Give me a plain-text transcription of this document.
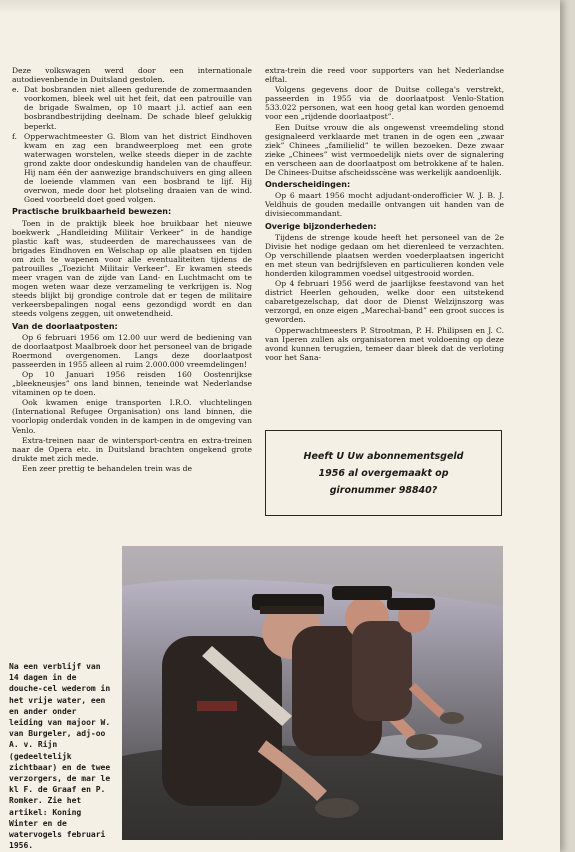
Deze volkswagen werd door een internationale autodievenbende in Duitsland gestolen.

e. Dat bosbranden niet alleen gedurende de zomermaanden voorkomen, bleek wel uit het feit, dat een patrouille van de brigade Swalmen, op 10 maart j.l. actief aan een bosbrandbestrijding deelnam. De schade bleef gelukkig beperkt.
f. Opperwachtmeester G. Blom van het district Eindhoven kwam en zag een brandweerploeg met een grote waterwagen worstelen, welke steeds dieper in de zachte grond zakte door ondeskundig handelen van de chauffeur. Hij nam één der aanwezige brandschuivers en ging alleen de loeiende vlammen van een bosbrand te lijf. Hij overwon, mede door het plotseling draaien van de wind. Goed voorbeeld doet goed volgen.
Practische bruikbaarheid bewezen:

Toen in de praktijk bleek hoe bruikbaar het nieuwe boekwerk „Handleiding Militair Verkeer” in de handige plastic kaft was, studeerden de marechaussees van de brigades Eindhoven en Welschap op alle plaatsen en tijden om zich te wapenen voor alle eventualiteiten tijdens de patrouilles „Toezicht Militair Verkeer”. Er kwamen steeds meer vragen van de zijde van Land- en Luchtmacht om te mogen weten waar deze verzameling te verkrijgen is. Nog steeds blijkt bij grondige controle dat er tegen de militaire verkeersbepalingen nogal eens gezondigd wordt en dan steeds volgens zeggen, uit onwetendheid.

Van de doorlaatposten:

Op 6 februari 1956 om 12.00 uur werd de bediening van de doorlaatpost Maalbroek door het personeel van de brigade Roermond overgenomen. Langs deze doorlaatpost passeerden in 1955 alleen al ruim 2.000.000 vreemdelingen!

Op 10 Januari 1956 reisden 160 Oostenrijkse „bleekneusjes” ons land binnen, teneinde wat Nederlandse vitaminen op te doen.

Ook kwamen enige transporten I.R.O. vluchtelingen (International Refugee Organisation) ons land binnen, die voorlopig onderdak vonden in de kampen in de omgeving van Venlo.

Extra-treinen naar de wintersport-centra en extra-treinen naar de Opera etc. in Duitsland brachten ongekend grote drukte met zich mede.

Een zeer prettig te behandelen trein was de

extra-trein die reed voor supporters van het Nederlandse elftal.

Volgens gegevens door de Duitse collega's verstrekt, passeerden in 1955 via de doorlaatpost Venlo-Station 533.022 personen, wat een hoog getal kan worden genoemd voor een „rijdende doorlaatpost”.

Een Duitse vrouw die als ongewenst vreemdeling stond gesignaleerd verklaarde met tranen in de ogen een „zwaar ziek” Chinees „familielid” te willen bezoeken. Deze zwaar zieke „Chinees” wist vermoedelijk niets over de signalering en verscheen aan de doorlaatpost om betrokkene af te halen. De Chinees-Duitse afscheidsscène was werkelijk aandoenlijk.

Onderscheidingen:

Op 6 maart 1956 mocht adjudant-onderofficier W. J. B. J. Veldhuis de gouden medaille ontvangen uit handen van de divisiecommandant.

Overige bijzonderheden:

Tijdens de strenge koude heeft het personeel van de 2e Divisie het nodige gedaan om het dierenleed te verzachten. Op verschillende plaatsen werden voederplaatsen ingericht en met steun van bedrijfsleven en particulieren konden vele honderden kilogrammen voedsel uitgestrooid worden.

Op 4 februari 1956 werd de jaarlijkse feestavond van het district Heerlen gehouden, welke door een uitstekend cabaretgezelschap, dat door de Dienst Welzijnszorg was verzorgd, en onze eigen „Marechal-band” een groot succes is geworden.

Opperwachtmeesters P. Strootman, P. H. Philipsen en J. C. van Iperen zullen als organisatoren met voldoening op deze avond kunnen terugzien, temeer daar bleek dat de verloting voor het Sana-

Heeft U Uw abonnementsgeld
1956 al overgemaakt op
gironummer 98840?
Na een verblijf van 14 dagen in de douche-cel wederom in het vrije water, een en ander onder leiding van majoor W. van Burgeler, adj-oo A. v. Rijn (gedeeltelijk zichtbaar) en de twee verzorgers, de mar le kl F. de Graaf en P. Romker. Zie het artikel: Koning Winter en de watervogels februari 1956.
